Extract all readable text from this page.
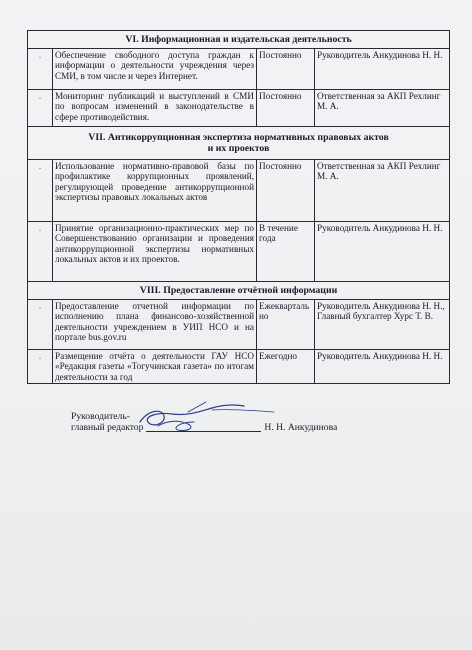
VI. Информационная и издательская деятельность			
.	Обеспечение свободного доступа граждан к информации о деятельности учреждения через СМИ, в том числе и через Интернет.	Постоянно	Руководитель Анкудинова Н. Н.
.	Мониторинг публикаций и выступлений в СМИ по вопросам изменений в законодательстве в сфере противодействия.	Постоянно	Ответственная за АКП Рехлинг М. А.
VII. Антикоррупционная экспертиза нормативных правовых актов и их проектов			
.	Использование нормативно-правовой базы по профилактике коррупционных проявлений, регулирующей проведение антикоррупционной экспертизы правовых локальных актов	Постоянно	Ответственная за АКП Рехлинг М. А.
.	Принятие организационно-практических мер по Совершенствованию организации и проведения антикоррупционной экспертизы нормативных локальных актов и их проектов.	В течение года	Руководитель Анкудинова Н. Н.
VIII. Предоставление отчётной информации			
.	Предоставление отчетной информации по исполнению плана финансово-хозяйственной деятельности учреждением в УИП НСО и на портале bus.gov.ru	Ежеквартально	Руководитель Анкудинова Н. Н., Главный бухгалтер Хурс Т. В.
.	Размещение отчёта о деятельности ГАУ НСО «Редакция газеты «Тогучинская газета» по итогам деятельности за год	Ежегодно	Руководитель Анкудинова Н. Н.
Руководитель-
главный редактор	Н. Н. Анкудинова
